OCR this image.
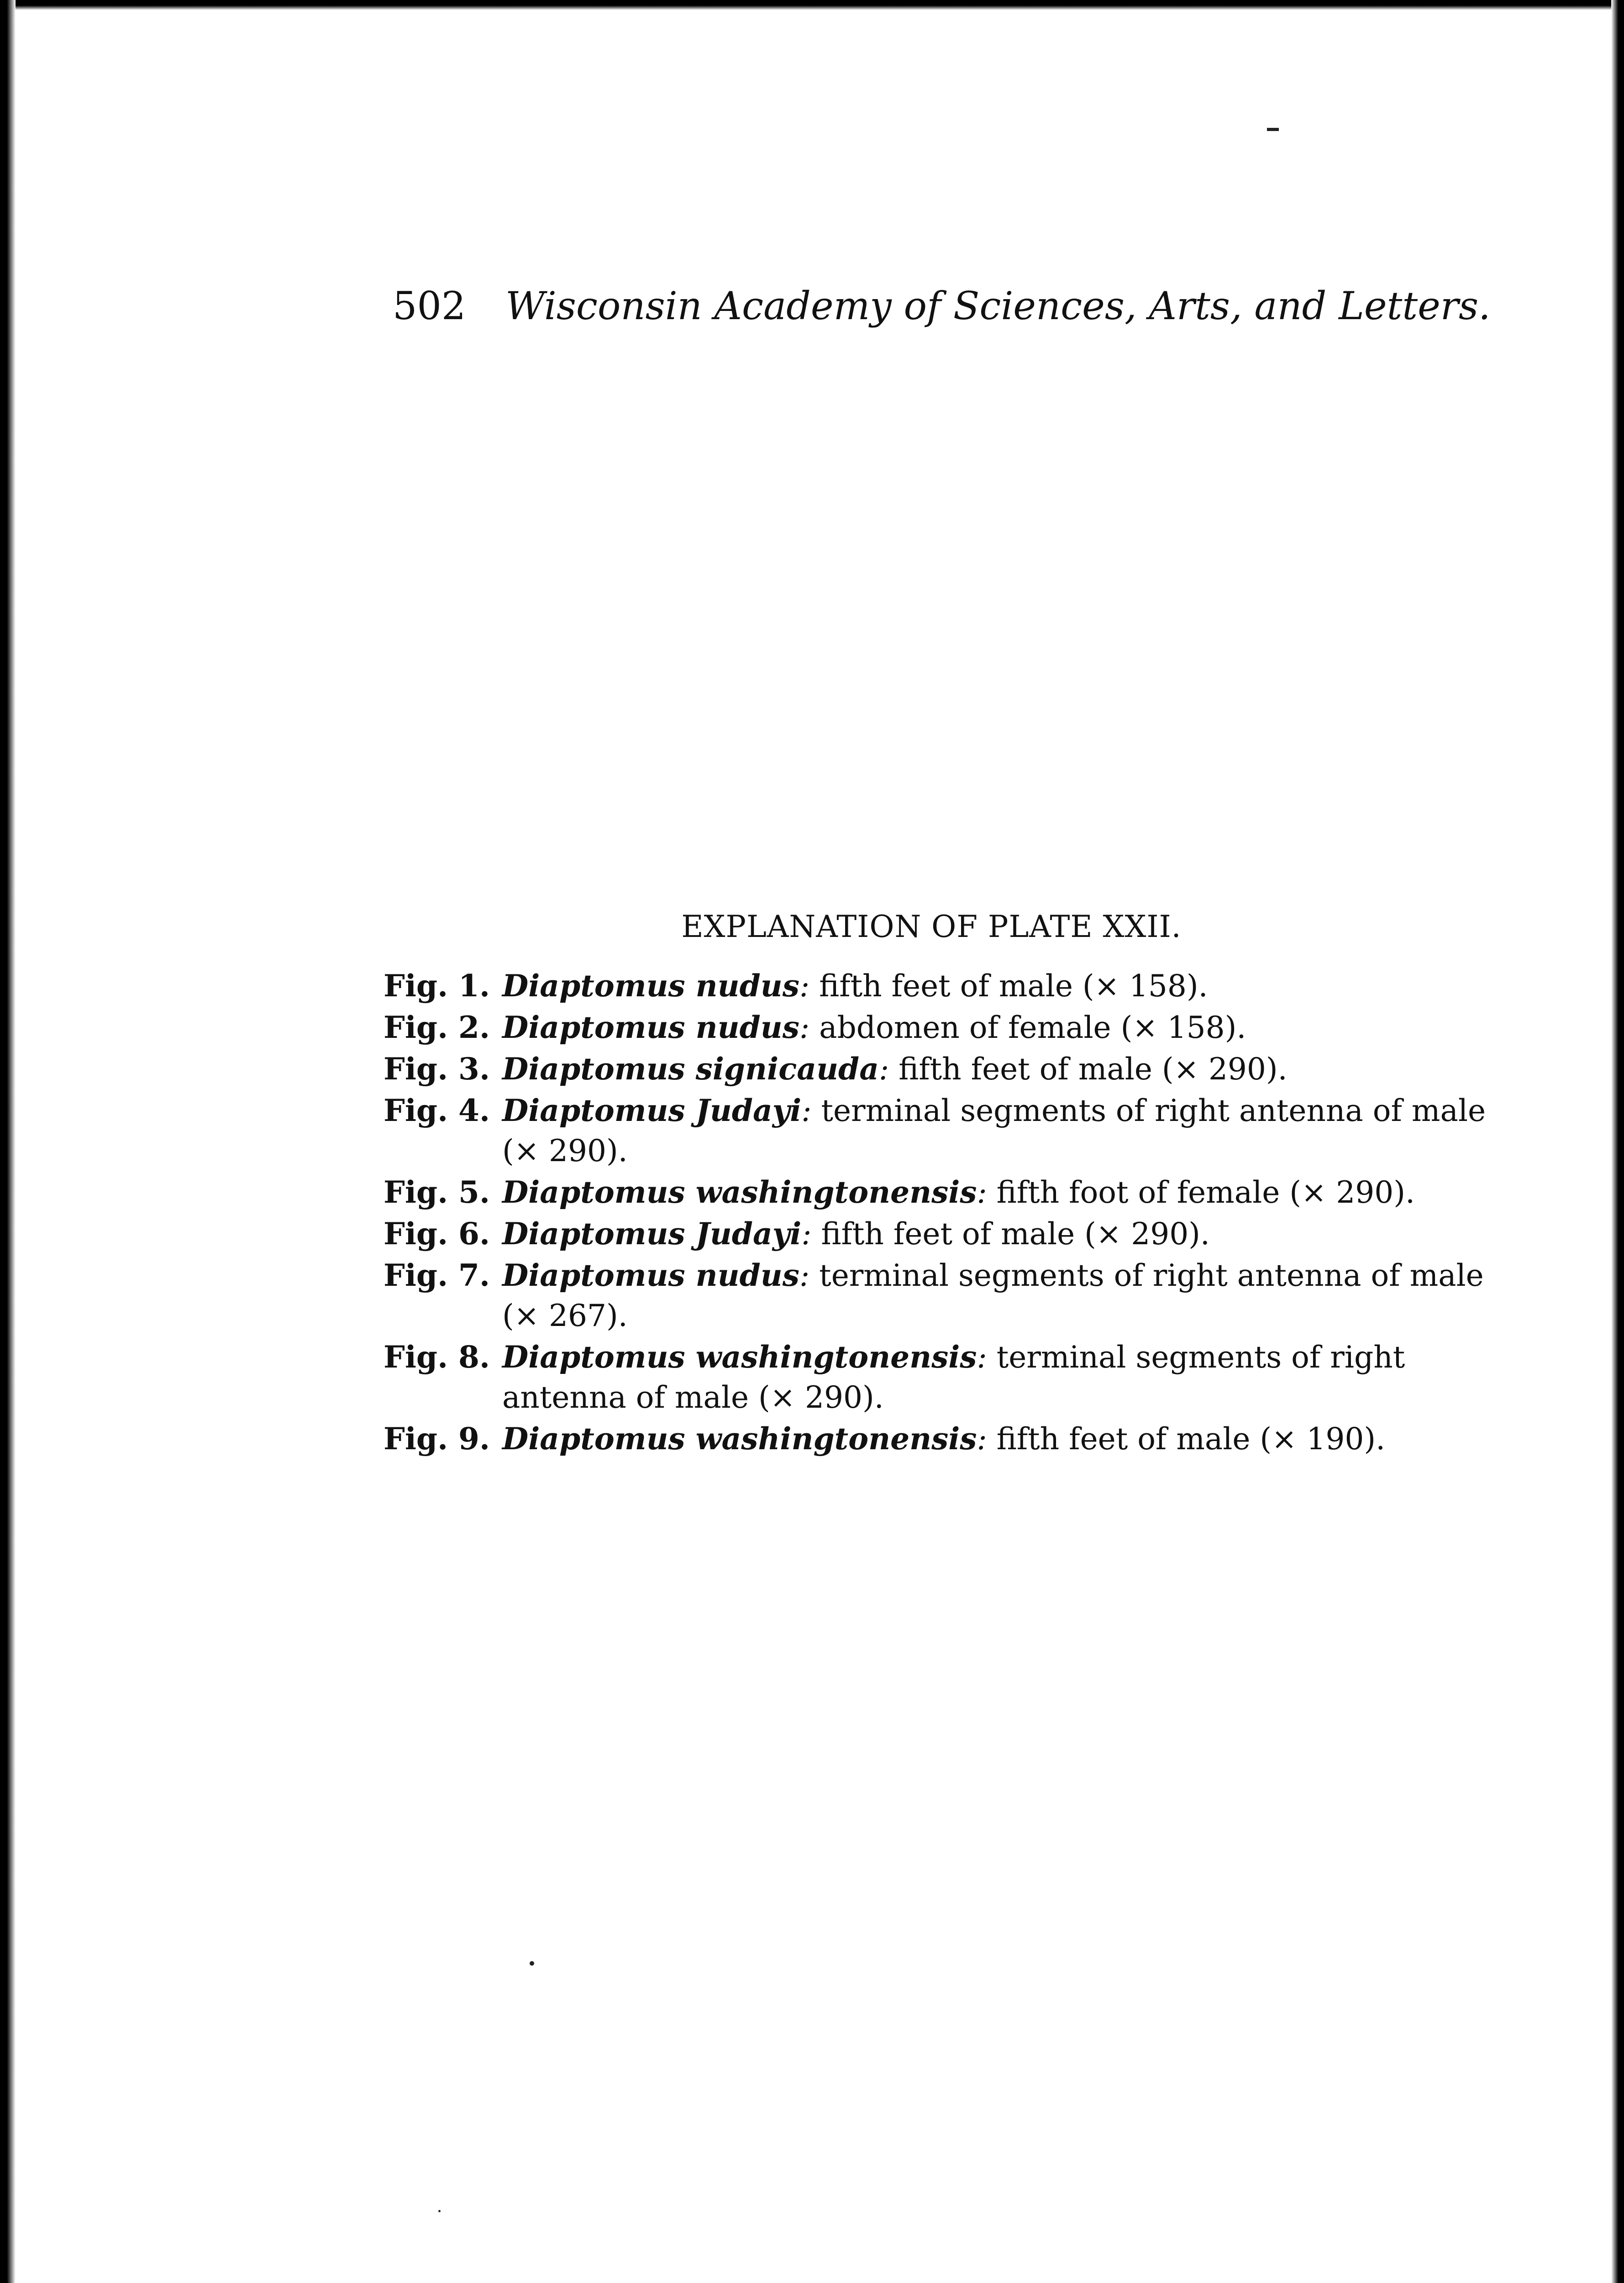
502 Wisconsin Academy of Sciences, Arts, and Letters.
EXPLANATION OF PLATE XXII.
Fig. 1. Diaptomus nudus: fifth feet of male (× 158).
Fig. 2. Diaptomus nudus: abdomen of female (× 158).
Fig. 3. Diaptomus signicauda: fifth feet of male (× 290).
Fig. 4. Diaptomus Judayi: terminal segments of right antenna of male (× 290).
Fig. 5. Diaptomus washingtonensis: fifth foot of female (× 290).
Fig. 6. Diaptomus Judayi: fifth feet of male (× 290).
Fig. 7. Diaptomus nudus: terminal segments of right antenna of male (× 267).
Fig. 8. Diaptomus washingtonensis: terminal segments of right antenna of male (× 290).
Fig. 9. Diaptomus washingtonensis: fifth feet of male (× 190).
